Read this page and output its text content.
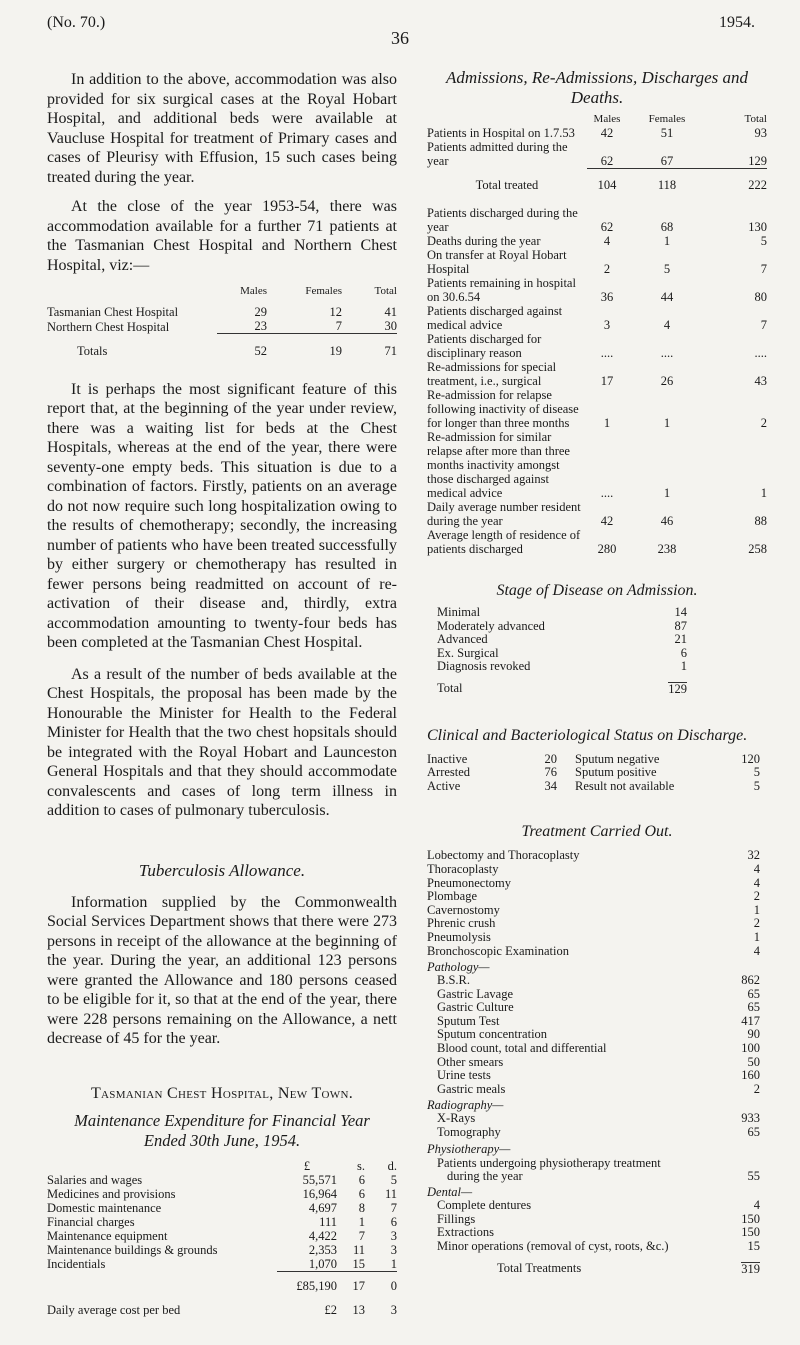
(No. 70.)	1954.
36

In addition to the above, accommodation was also provided for six surgical cases at the Royal Hobart Hospital, and additional beds were available at Vaucluse Hospital for treatment of Primary cases and cases of Pleurisy with Effusion, 15 such cases being treated during the year.

At the close of the year 1953-54, there was accommodation available for a further 71 patients at the Tasmanian Chest Hospital and Northern Chest Hospital, viz:—

	Males	Females	Total
Tasmanian Chest Hospital	29	12	41
Northern Chest Hospital	23	7	30
Totals	52	19	71

It is perhaps the most significant feature of this report that, at the beginning of the year under review, there was a waiting list for beds at the Chest Hospitals, whereas at the end of the year, there were seventy-one empty beds. This situation is due to a combination of factors. Firstly, patients on an average do not now require such long hospitalization owing to the results of chemotherapy; secondly, the increasing number of patients who have been treated successfully by either surgery or chemotherapy has resulted in fewer persons being readmitted on account of re-activation of their disease and, thirdly, extra accommodation amounting to twenty-four beds has been completed at the Tasmanian Chest Hospital.

As a result of the number of beds available at the Chest Hospitals, the proposal has been made by the Honourable the Minister for Health to the Federal Minister for Health that the two chest hopsitals should be integrated with the Royal Hobart and Launceston General Hospitals and that they should accommodate convalescents and cases of long term illness in addition to cases of pulmonary tuberculosis.

Tuberculosis Allowance.

Information supplied by the Commonwealth Social Services Department shows that there were 273 persons in receipt of the allowance at the beginning of the year. During the year, an additional 123 persons were granted the Allowance and 180 persons ceased to be eligible for it, so that at the end of the year, there were 228 persons remaining on the Allowance, a nett decrease of 45 for the year.

Tasmanian Chest Hospital, New Town.
Maintenance Expenditure for Financial Year Ended 30th June, 1954.
	£	s.	d.
Salaries and wages	55,571	6	5
Medicines and provisions	16,964	6	11
Domestic maintenance	4,697	8	7
Financial charges	111	1	6
Maintenance equipment	4,422	7	3
Maintenance buildings & grounds	2,353	11	3
Incidentials	1,070	15	1
	£85,190	17	0
Daily average cost per bed	£2	13	3
Admissions, Re-Admissions, Discharges and Deaths.
	Males	Females	Total
Patients in Hospital on 1.7.53	42	51	93
Patients admitted during the year	62	67	129
Total treated	104	118	222
Patients discharged during the year	62	68	130
Deaths during the year	4	1	5
On transfer at Royal Hobart Hospital	2	5	7
Patients remaining in hospital on 30.6.54	36	44	80
Patients discharged against medical advice	3	4	7
Patients discharged for disciplinary reason	....	....	....
Re-admissions for special treatment, i.e., surgical	17	26	43
Re-admission for relapse following inactivity of disease for longer than three months	1	1	2
Re-admission for similar relapse after more than three months inactivity amongst those discharged against medical advice	....	1	1
Daily average number resident during the year	42	46	88
Average length of residence of patients discharged	280	238	258
Stage of Disease on Admission.
Minimal	14
Moderately advanced	87
Advanced	21
Ex. Surgical	6
Diagnosis revoked	1
Total	129
Clinical and Bacteriological Status on Discharge.
Inactive	20
Arrested	76
Active	34
Sputum negative	120
Sputum positive	5
Result not available	5
Treatment Carried Out.
Lobectomy and Thoracoplasty	32
Thoracoplasty	4
Pneumonectomy	4
Plombage	2
Cavernostomy	1
Phrenic crush	2
Pneumolysis	1
Bronchoscopic Examination	4
Pathology—
B.S.R.	862
Gastric Lavage	65
Gastric Culture	65
Sputum Test	417
Sputum concentration	90
Blood count, total and differential	100
Other smears	50
Urine tests	160
Gastric meals	2
Radiography—
X-Rays	933
Tomography	65
Physiotherapy—
Patients undergoing physiotherapy treatment
during the year	55
Dental—
Complete dentures	4
Fillings	150
Extractions	150
Minor operations (removal of cyst, roots, &c.)	15
Total Treatments	319
